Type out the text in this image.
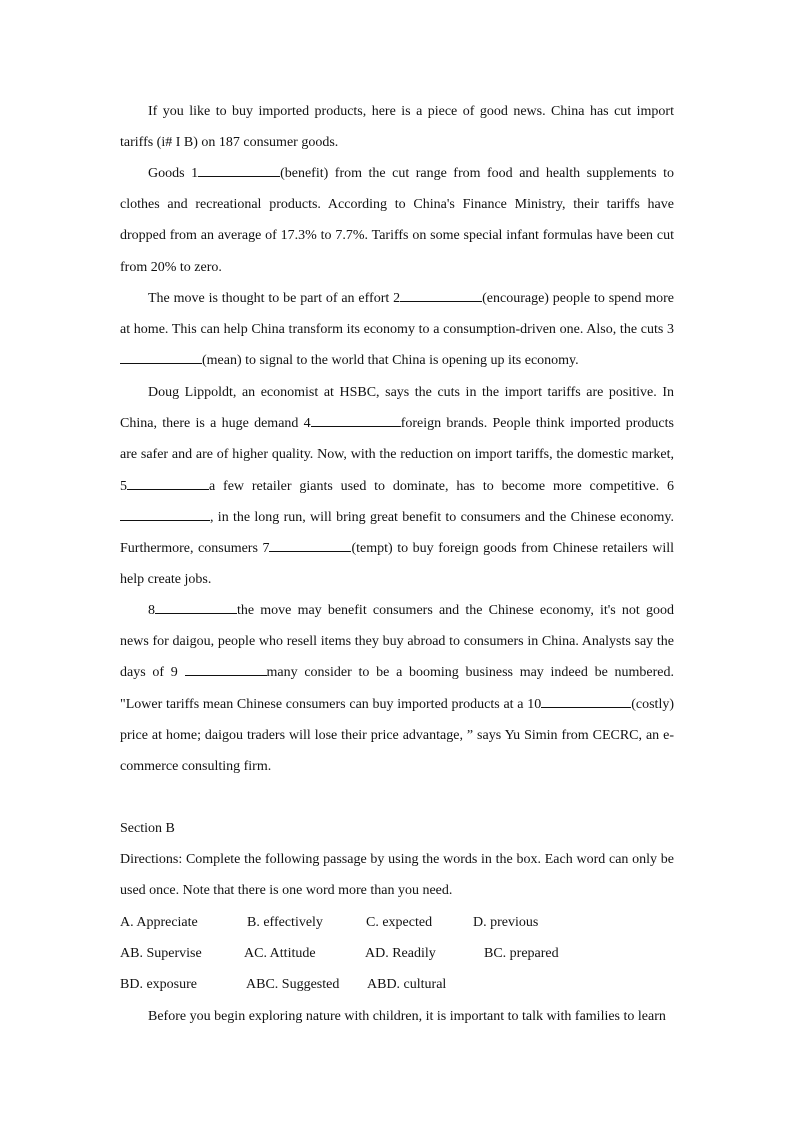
If you like to buy imported products, here is a piece of good news. China has cut import tariffs (i# I B) on 187 consumer goods.

Goods 1	(benefit) from the cut range from food and health supplements to clothes and recreational products. According to China's Finance Ministry, their tariffs have dropped from an average of 17.3% to 7.7%. Tariffs on some special infant formulas have been cut from 20% to zero.

The move is thought to be part of an effort 2	(encourage) people to spend more at home. This can help China transform its economy to a consumption-driven one. Also, the cuts 3(mean) to signal to the world that China is opening up its economy.

Doug Lippoldt, an economist at HSBC, says the cuts in the import tariffs are positive. In China, there is a huge demand 4	foreign brands. People think imported products are safer and are of higher quality. Now, with the reduction on import tariffs, the domestic market, 5	a few retailer giants used to dominate, has to become more competitive. 6, in the long run, will bring great benefit to consumers and the Chinese economy. Furthermore, consumers 7	(tempt) to buy foreign goods from Chinese retailers will help create jobs.

8	the move may benefit consumers and the Chinese economy, it's not good news for daigou, people who resell items they buy abroad to consumers in China. Analysts say the days of 9	many consider to be a booming business may indeed be numbered. "Lower tariffs mean Chinese consumers can buy imported products at a 10	(costly) price at home; daigou traders will lose their price advantage, ” says Yu Simin from CECRC, an e-commerce consulting firm.

Section B

Directions: Complete the following passage by using the words in the box. Each word can only be used once. Note that there is one word more than you need.

A. Appreciate	B. effectively	C. expected	D. previous
AB. Supervise	AC. Attitude	AD. Readily	BC. prepared
BD. exposure	ABC. Suggested ABD. cultural

Before you begin exploring nature with children, it is important to talk with families to learn
